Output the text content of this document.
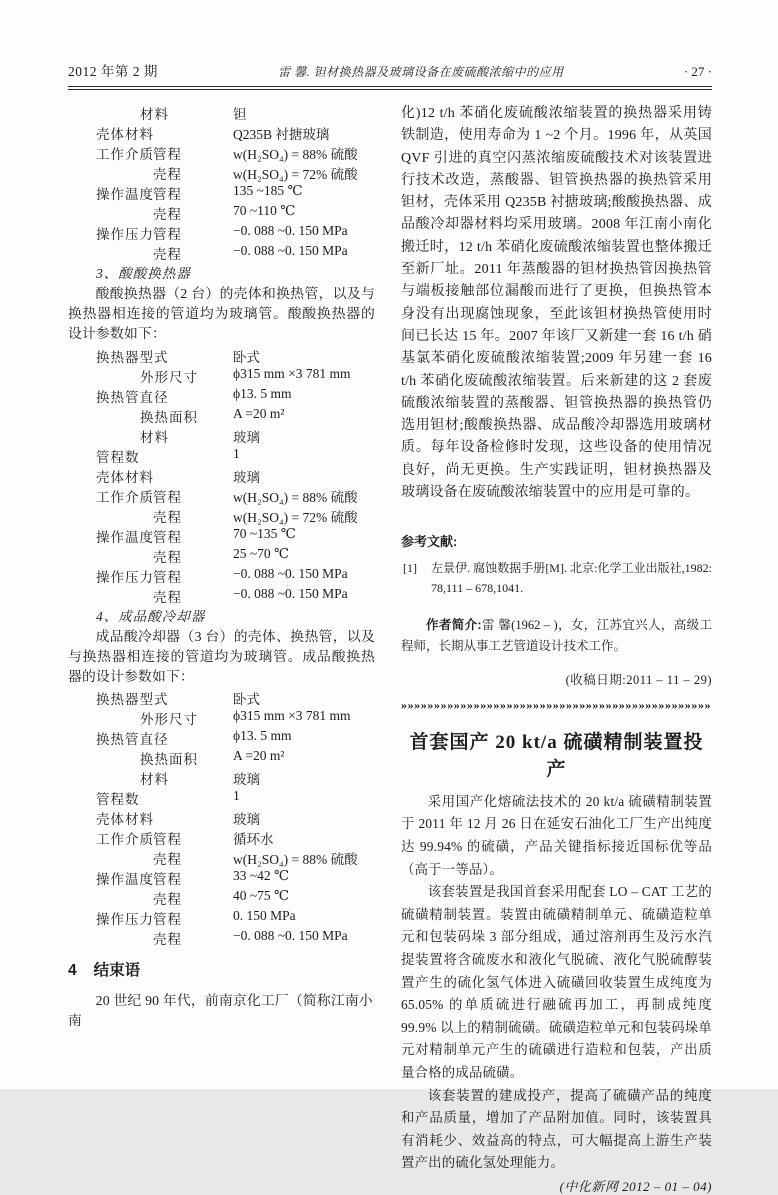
2012 年第 2 期	雷 馨. 钽材换热器及玻璃设备在废硫酸浓缩中的应用	· 27 ·
材料	钽
壳体材料	Q235B 衬搪玻璃
工作介质 管程	w(H₂SO₄) = 88% 硫酸
壳程	w(H₂SO₄) = 72% 硫酸
操作温度 管程	135 ~185 ℃
壳程	70 ~110 ℃
操作压力 管程	−0. 088 ~0. 150 MPa
壳程	−0. 088 ~0. 150 MPa
3、酸酸换热器

酸酸换热器（2 台）的壳体和换热管，以及与换热器相连接的管道均为玻璃管。酸酸换热器的设计参数如下：

换热器型式	卧式
外形尺寸	ϕ315 mm ×3 781 mm
换热管直径	ϕ13. 5 mm
换热面积	A =20 m²
材料	玻璃
管程数	1
壳体材料	玻璃
工作介质 管程	w(H₂SO₄) = 88% 硫酸
壳程	w(H₂SO₄) = 72% 硫酸
操作温度 管程	70 ~135 ℃
壳程	25 ~70 ℃
操作压力 管程	−0. 088 ~0. 150 MPa
壳程	−0. 088 ~0. 150 MPa
4、成品酸冷却器

成品酸冷却器（3 台）的壳体、换热管，以及与换热器相连接的管道均为玻璃管。成品酸换热器的设计参数如下：

换热器型式	卧式
外形尺寸	ϕ315 mm ×3 781 mm
换热管直径	ϕ13. 5 mm
换热面积	A =20 m²
材料	玻璃
管程数	1
壳体材料	玻璃
工作介质 管程	循环水
壳程	w(H₂SO₄) = 88% 硫酸
操作温度 管程	33 ~42 ℃
壳程	40 ~75 ℃
操作压力 管程	0. 150 MPa
壳程	−0. 088 ~0. 150 MPa
4 结束语
20 世纪 90 年代，前南京化工厂（简称江南小南

化)12 t/h 苯硝化废硫酸浓缩装置的换热器采用铸铁制造，使用寿命为 1 ~2 个月。1996 年，从英国 QVF 引进的真空闪蒸浓缩废硫酸技术对该装置进行技术改造，蒸酸器、钽管换热器的换热管采用钽材，壳体采用 Q235B 衬搪玻璃;酸酸换热器、成品酸冷却器材料均采用玻璃。2008 年江南小南化搬迁时，12 t/h 苯硝化废硫酸浓缩装置也整体搬迁至新厂址。2011 年蒸酸器的钽材换热管因换热管与端板接触部位漏酸而进行了更换，但换热管本身没有出现腐蚀现象，至此该钽材换热管使用时间已长达 15 年。2007 年该厂又新建一套 16 t/h 硝基氯苯硝化废硫酸浓缩装置;2009 年另建一套 16 t/h 苯硝化废硫酸浓缩装置。后来新建的这 2 套废硫酸浓缩装置的蒸酸器、钽管换热器的换热管仍选用钽材;酸酸换热器、成品酸冷却器选用玻璃材质。每年设备检修时发现，这些设备的使用情况良好，尚无更换。生产实践证明，钽材换热器及玻璃设备在废硫酸浓缩装置中的应用是可靠的。

参考文献:
[1] 左景伊. 腐蚀数据手册[M]. 北京:化学工业出版社,1982: 78,111 – 678,1041.

作者简介:雷 馨(1962 – )，女，江苏宜兴人，高级工程师，长期从事工艺管道设计技术工作。

(收稿日期:2011 – 11 – 29)
»»»»»»»»»»»»»»»»»»»»»»»»»»»»»»»»»»»»»»»»»»»»»»»
首套国产 20 kt/a 硫磺精制装置投产

采用国产化熔硫法技术的 20 kt/a 硫磺精制装置于 2011 年 12 月 26 日在延安石油化工厂生产出纯度达 99.94% 的硫磺，产品关键指标接近国标优等品（高于一等品）。

该套装置是我国首套采用配套 LO – CAT 工艺的硫磺精制装置。装置由硫磺精制单元、硫磺造粒单元和包装码垛 3 部分组成，通过溶剂再生及污水汽提装置将含硫废水和液化气脱硫、液化气脱硫醇装置产生的硫化氢气体进入硫磺回收装置生成纯度为 65.05% 的单质硫进行融硫再加工，再制成纯度 99.9% 以上的精制硫磺。硫磺造粒单元和包装码垛单元对精制单元产生的硫磺进行造粒和包装，产出质量合格的成品硫磺。

该套装置的建成投产，提高了硫磺产品的纯度和产品质量，增加了产品附加值。同时，该装置具有消耗少、效益高的特点，可大幅提高上游生产装置产出的硫化氢处理能力。

(中化新网 2012 – 01 – 04)
